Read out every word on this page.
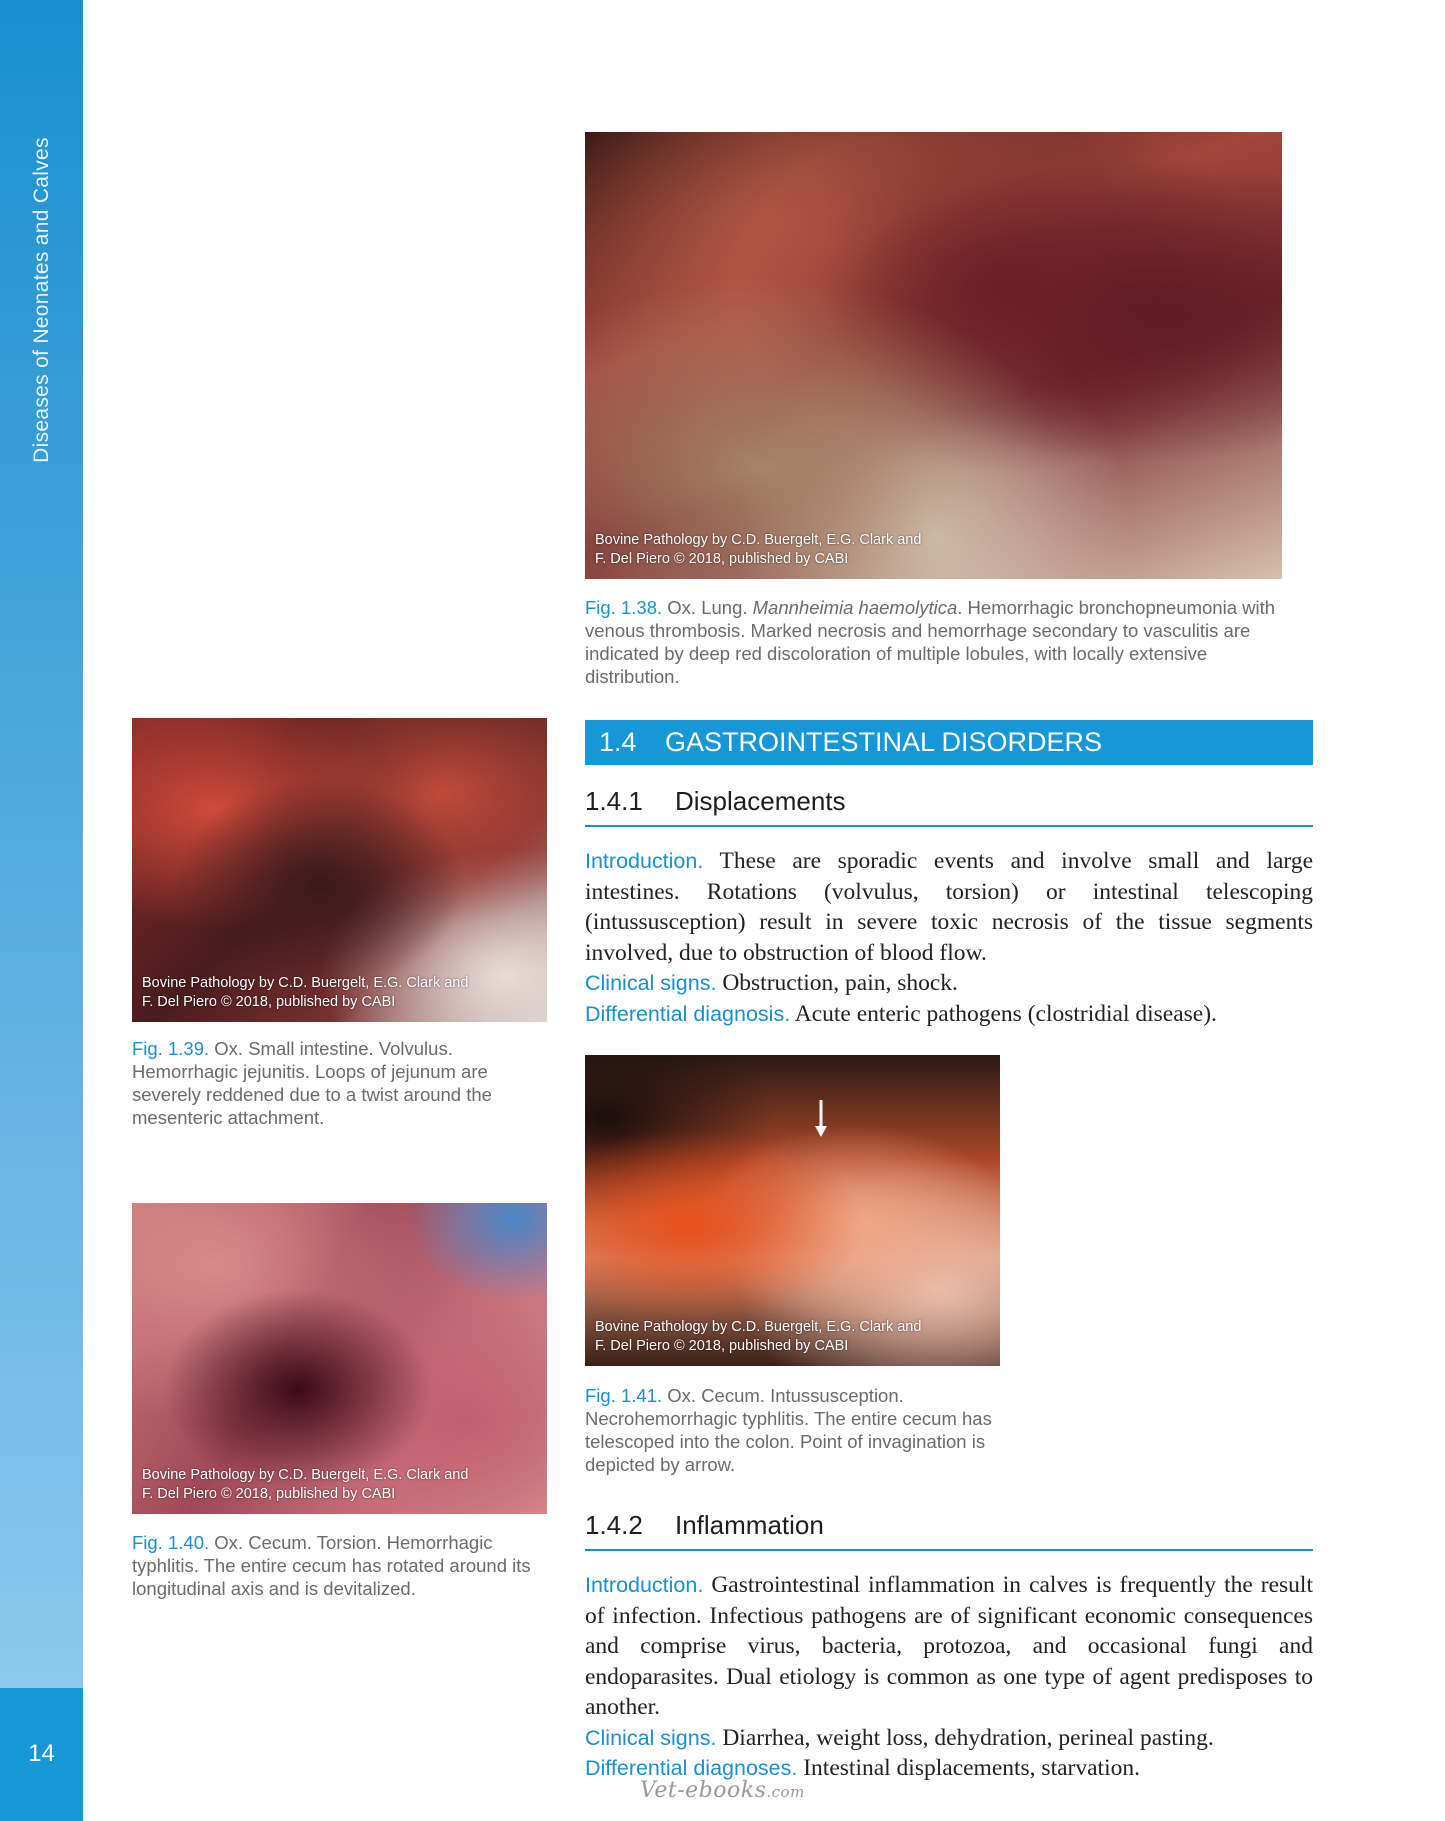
Diseases of Neonates and Calves
14
Bovine Pathology by C.D. Buergelt, E.G. Clark and
F. Del Piero © 2018, published by CABI
Fig. 1.38. Ox. Lung. Mannheimia haemolytica. Hemorrhagic bronchopneumonia with venous thrombosis. Marked necrosis and hemorrhage secondary to vasculitis are indicated by deep red discoloration of multiple lobules, with locally extensive distribution.
Bovine Pathology by C.D. Buergelt, E.G. Clark and
F. Del Piero © 2018, published by CABI
Fig. 1.39. Ox. Small intestine. Volvulus. Hemorrhagic jejunitis. Loops of jejunum are severely reddened due to a twist around the mesenteric attachment.
Bovine Pathology by C.D. Buergelt, E.G. Clark and
F. Del Piero © 2018, published by CABI
Fig. 1.40. Ox. Cecum. Torsion. Hemorrhagic typhlitis. The entire cecum has rotated around its longitudinal axis and is devitalized.
1.4 GASTROINTESTINAL DISORDERS
1.4.1 Displacements

Introduction. These are sporadic events and involve small and large intestines. Rotations (volvulus, torsion) or intestinal telescoping (intussusception) result in severe toxic necrosis of the tissue segments involved, due to obstruction of blood flow.

Clinical signs. Obstruction, pain, shock.

Differential diagnosis. Acute enteric pathogens (clostridial disease).

Bovine Pathology by C.D. Buergelt, E.G. Clark and
F. Del Piero © 2018, published by CABI
Fig. 1.41. Ox. Cecum. Intussusception. Necrohemorrhagic typhlitis. The entire cecum has telescoped into the colon. Point of invagination is depicted by arrow.
1.4.2 Inflammation

Introduction. Gastrointestinal inflammation in calves is frequently the result of infection. Infectious pathogens are of significant economic consequences and comprise virus, bacteria, protozoa, and occasional fungi and endoparasites. Dual etiology is common as one type of agent predisposes to another.

Clinical signs. Diarrhea, weight loss, dehydration, perineal pasting.

Differential diagnoses. Intestinal displacements, starvation.

Vet-ebooks.com
